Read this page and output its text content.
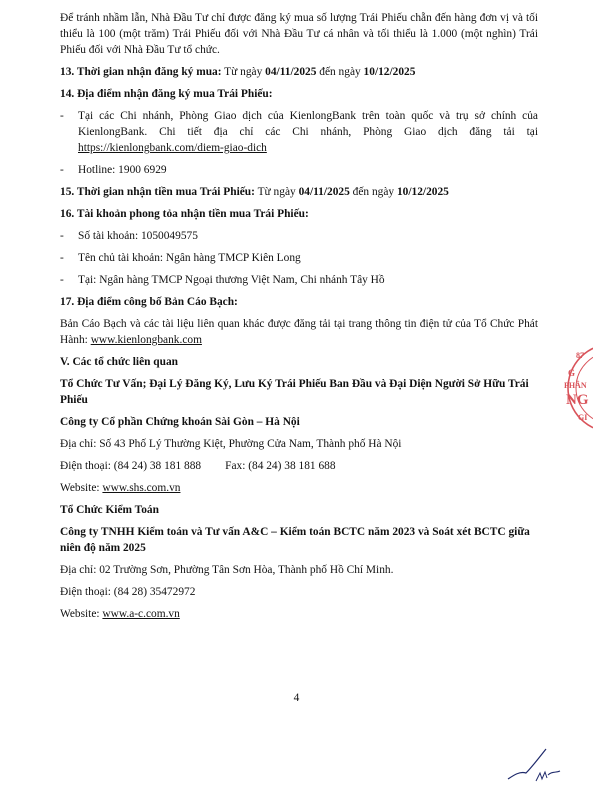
Để tránh nhầm lẫn, Nhà Đầu Tư chỉ được đăng ký mua số lượng Trái Phiếu chẵn đến hàng đơn vị và tối thiểu là 100 (một trăm) Trái Phiếu đối với Nhà Đầu Tư cá nhân và tối thiểu là 1.000 (một nghìn) Trái Phiếu đối với Nhà Đầu Tư tổ chức.

13. Thời gian nhận đăng ký mua: Từ ngày 04/11/2025 đến ngày 10/12/2025

14. Địa điểm nhận đăng ký mua Trái Phiếu:

-	Tại các Chi nhánh, Phòng Giao dịch của KienlongBank trên toàn quốc và trụ sở chính của KienlongBank. Chi tiết địa chỉ các Chi nhánh, Phòng Giao dịch đăng tải tại https://kienlongbank.com/diem-giao-dich
-	Hotline: 1900 6929

15. Thời gian nhận tiền mua Trái Phiếu: Từ ngày 04/11/2025 đến ngày 10/12/2025

16. Tài khoản phong tỏa nhận tiền mua Trái Phiếu:

-	Số tài khoản: 1050049575
-	Tên chủ tài khoản: Ngân hàng TMCP Kiên Long
-	Tại: Ngân hàng TMCP Ngoại thương Việt Nam, Chi nhánh Tây Hồ

17. Địa điểm công bố Bản Cáo Bạch:

Bản Cáo Bạch và các tài liệu liên quan khác được đăng tải tại trang thông tin điện tử của Tổ Chức Phát Hành: www.kienlongbank.com

V. Các tổ chức liên quan

Tổ Chức Tư Vấn; Đại Lý Đăng Ký, Lưu Ký Trái Phiếu Ban Đầu và Đại Diện Người Sở Hữu Trái Phiếu

Công ty Cổ phần Chứng khoán Sài Gòn – Hà Nội

Địa chỉ: Số 43 Phố Lý Thường Kiệt, Phường Cửa Nam, Thành phố Hà Nội

Điện thoại: (84 24) 38 181 888 Fax: (84 24) 38 181 688

Website: www.shs.com.vn

Tổ Chức Kiểm Toán

Công ty TNHH Kiểm toán và Tư vấn A&C – Kiểm toán BCTC năm 2023 và Soát xét BCTC giữa niên độ năm 2025

Địa chỉ: 02 Trường Sơn, Phường Tân Sơn Hòa, Thành phố Hồ Chí Minh.

Điện thoại: (84 28) 35472972

Website: www.a-c.com.vn

4
87
G
PHẦN
NG
GI
